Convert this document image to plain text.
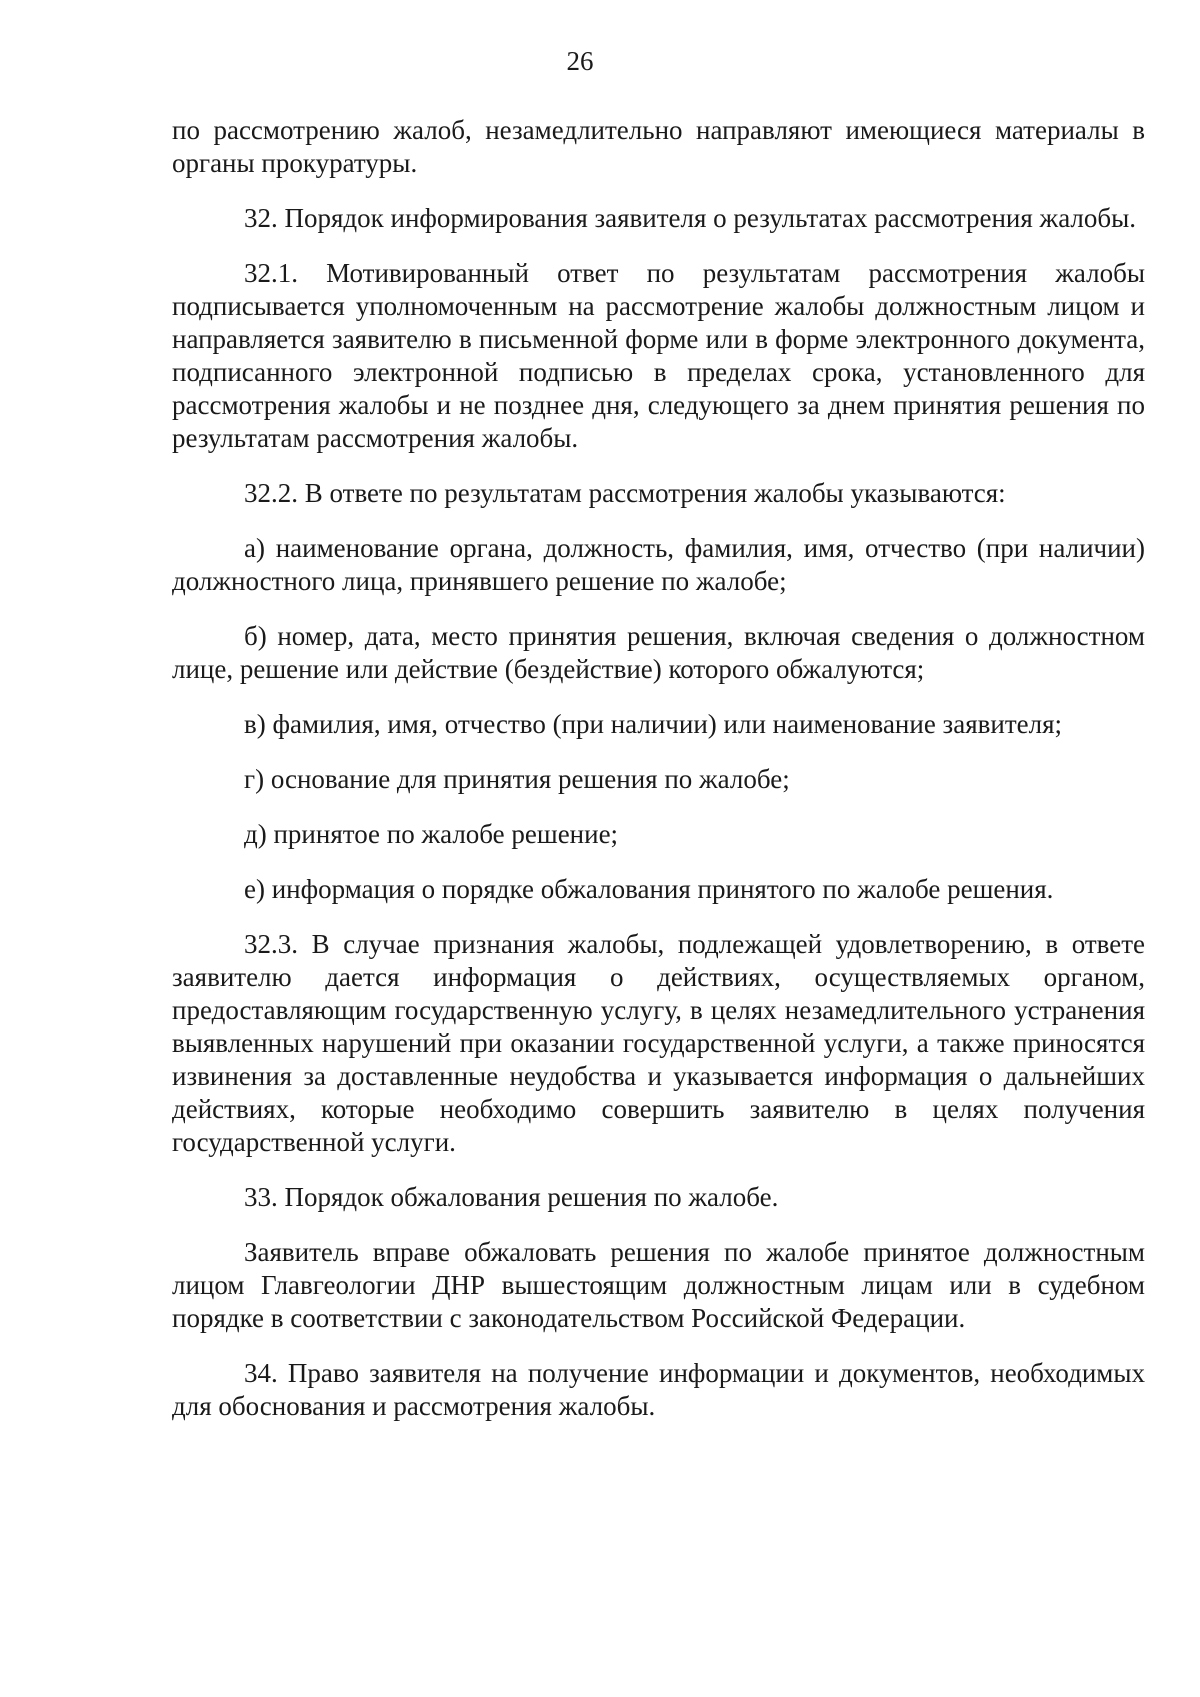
26

по рассмотрению жалоб, незамедлительно направляют имеющиеся материалы в органы прокуратуры.

32. Порядок информирования заявителя о результатах рассмотрения жалобы.

32.1. Мотивированный ответ по результатам рассмотрения жалобы подписывается уполномоченным на рассмотрение жалобы должностным лицом и направляется заявителю в письменной форме или в форме электронного документа, подписанного электронной подписью в пределах срока, установленного для рассмотрения жалобы и не позднее дня, следующего за днем принятия решения по результатам рассмотрения жалобы.

32.2. В ответе по результатам рассмотрения жалобы указываются:

а) наименование органа, должность, фамилия, имя, отчество (при наличии) должностного лица, принявшего решение по жалобе;

б) номер, дата, место принятия решения, включая сведения о должностном лице, решение или действие (бездействие) которого обжалуются;

в) фамилия, имя, отчество (при наличии) или наименование заявителя;

г) основание для принятия решения по жалобе;

д) принятое по жалобе решение;

е) информация о порядке обжалования принятого по жалобе решения.

32.3. В случае признания жалобы, подлежащей удовлетворению, в ответе заявителю дается информация о действиях, осуществляемых органом, предоставляющим государственную услугу, в целях незамедлительного устранения выявленных нарушений при оказании государственной услуги, а также приносятся извинения за доставленные неудобства и указывается информация о дальнейших действиях, которые необходимо совершить заявителю в целях получения государственной услуги.

33. Порядок обжалования решения по жалобе.

Заявитель вправе обжаловать решения по жалобе принятое должностным лицом Главгеологии ДНР вышестоящим должностным лицам или в судебном порядке в соответствии с законодательством Российской Федерации.

34. Право заявителя на получение информации и документов, необходимых для обоснования и рассмотрения жалобы.
